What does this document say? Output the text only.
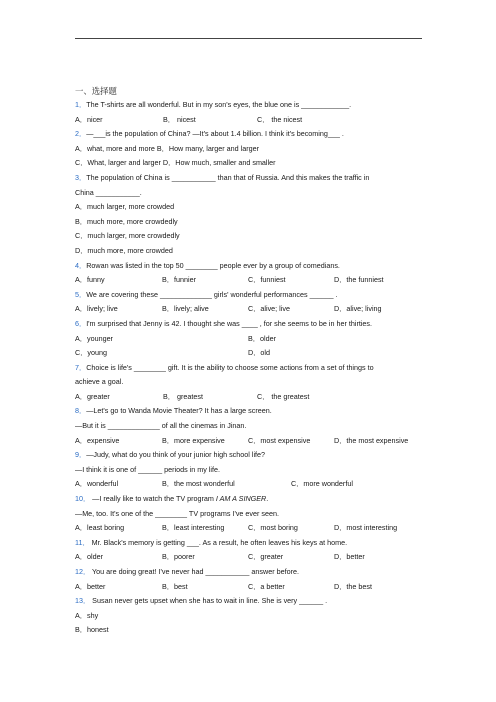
一、选择题
1．The T-shirts are all wonderful. But in my son's eyes, the blue one is ____________.
A．nicer	B． nicest	C． the nicest
2．—___is the population of China? —It's about 1.4 billion. I think it's becoming___ .
A．what, more and more B．How many, larger and larger
C．What, larger and larger D．How much, smaller and smaller
3．The population of China is ___________ than that of Russia. And this makes the traffic in
China ___________.
A．much larger, more crowded
B．much more, more crowdedly
C．much larger, more crowdedly
D．much more, more crowded
4．Rowan was listed in the top 50 ________ people ever by a group of comedians.
A．funny	B．funnier	C．funniest	D．the funniest
5．We are covering these _____________ girls' wonderful performances ______ .
A．lively; live	B．lively; alive	C．alive; live	D．alive; living
6．I'm surprised that Jenny is 42. I thought she was ____ , for she seems to be in her thirties.
A．younger	B．older
C．young	D．old
7．Choice is life's ________ gift. It is the ability to choose some actions from a set of things to
achieve a goal.
A．greater	B． greatest	C． the greatest
8．—Let's go to Wanda Movie Theater? It has a large screen.
—But it is _____________ of all the cinemas in Jinan.
A．expensive	B．more expensive	C．most expensive	D．the most expensive
9．—Judy, what do you think of your junior high school life?
—I think it is one of ______ periods in my life.
A．wonderful	B．the most wonderful	C．more wonderful
10． —I really like to watch the TV program I AM A SINGER.
—Me, too. It's one of the ________ TV programs I've ever seen.
A．least boring	B．least interesting	C．most boring	D．most interesting
11． Mr. Black's memory is getting ___. As a result, he often leaves his keys at home.
A．older	B．poorer	C．greater	D．better
12． You are doing great! I've never had ___________ answer before.
A．better	B．best	C．a better	D．the best
13． Susan never gets upset when she has to wait in line. She is very ______ .
A．shy
B．honest
